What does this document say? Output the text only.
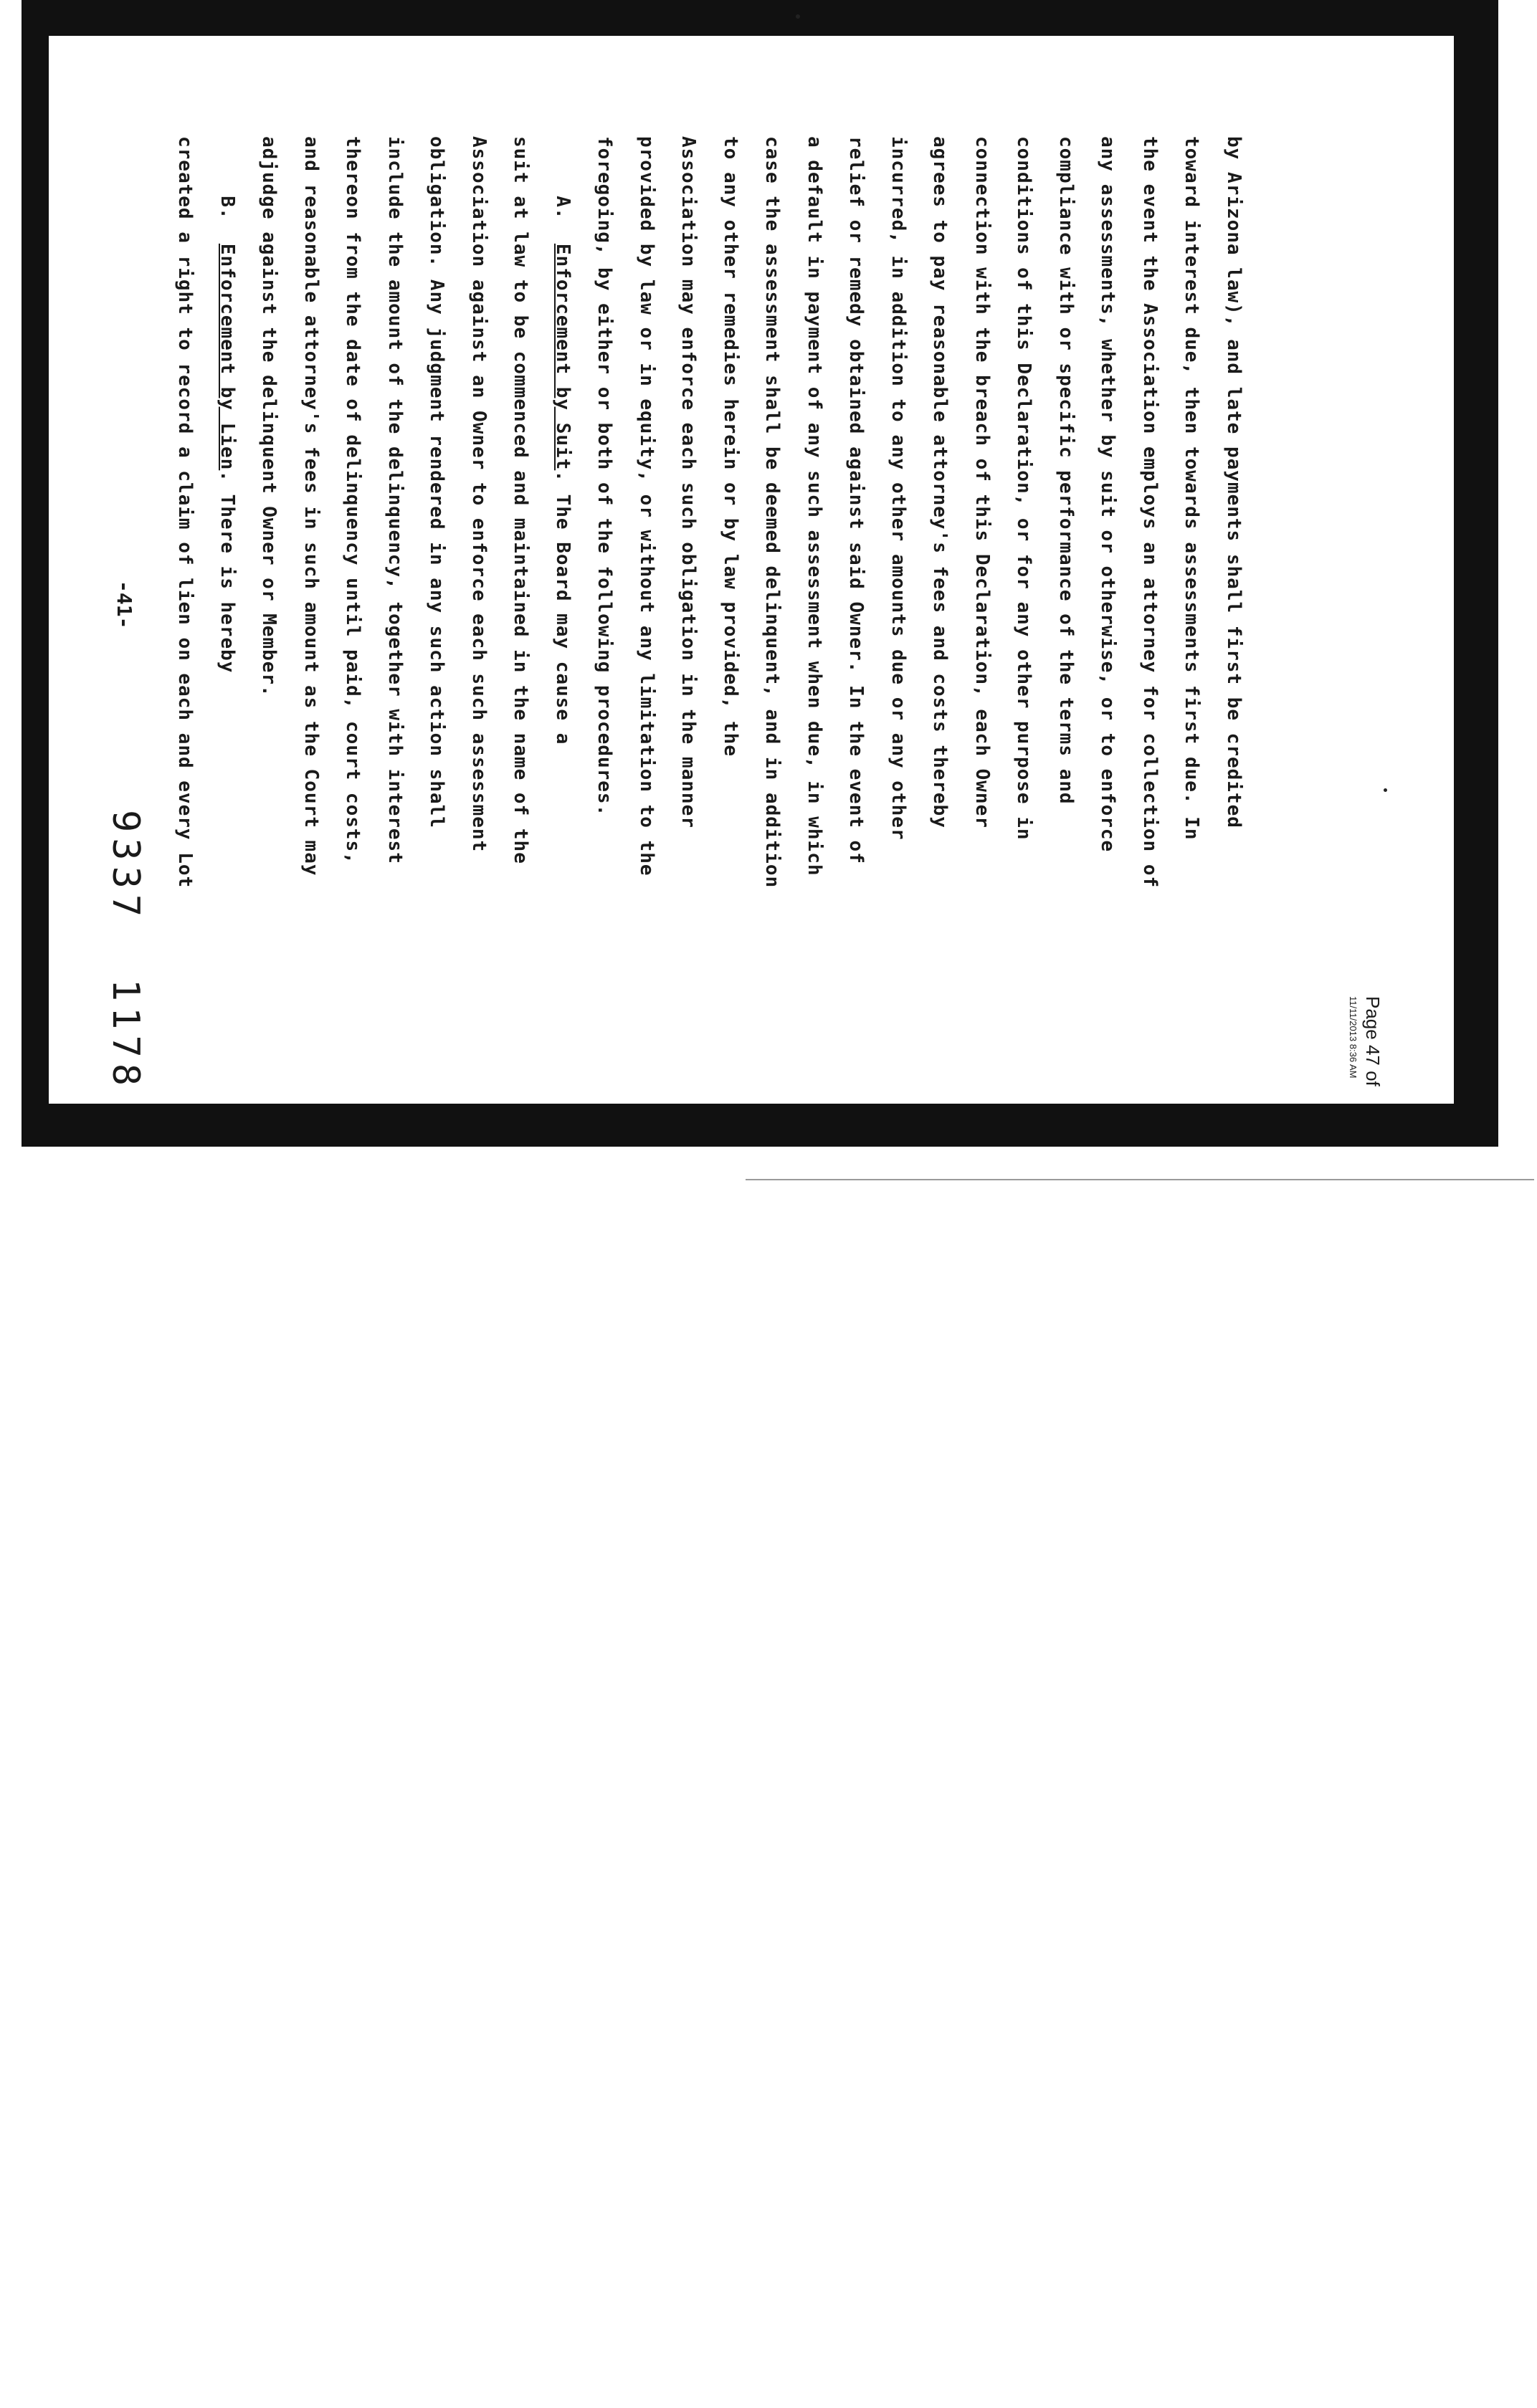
by Arizona law), and late payments shall first be credited
toward interest due, then towards assessments first due. In
the event the Association employs an attorney for collection of
any assessments, whether by suit or otherwise, or to enforce
compliance with or specific performance of the terms and
conditions of this Declaration, or for any other purpose in
connection with the breach of this Declaration, each Owner
agrees to pay reasonable attorney's fees and costs thereby
incurred, in addition to any other amounts due or any other
relief or remedy obtained against said Owner. In the event of
a default in payment of any such assessment when due, in which
case the assessment shall be deemed delinquent, and in addition
to any other remedies herein or by law provided, the
Association may enforce each such obligation in the manner
provided by law or in equity, or without any limitation to the
foregoing, by either or both of the following procedures.
A.  Enforcement by Suit. The Board may cause a
suit at law to be commenced and maintained in the name of the
Association against an Owner to enforce each such assessment
obligation. Any judgment rendered in any such action shall
include the amount of the delinquency, together with interest
thereon from the date of delinquency until paid, court costs,
and reasonable attorney's fees in such amount as the Court may
adjudge against the delinquent Owner or Member.
B.  Enforcement by Lien. There is hereby
created a right to record a claim of lien on each and every Lot
-41-
9337  1178	Page 47 of
11/11/2013 8:36 AM
